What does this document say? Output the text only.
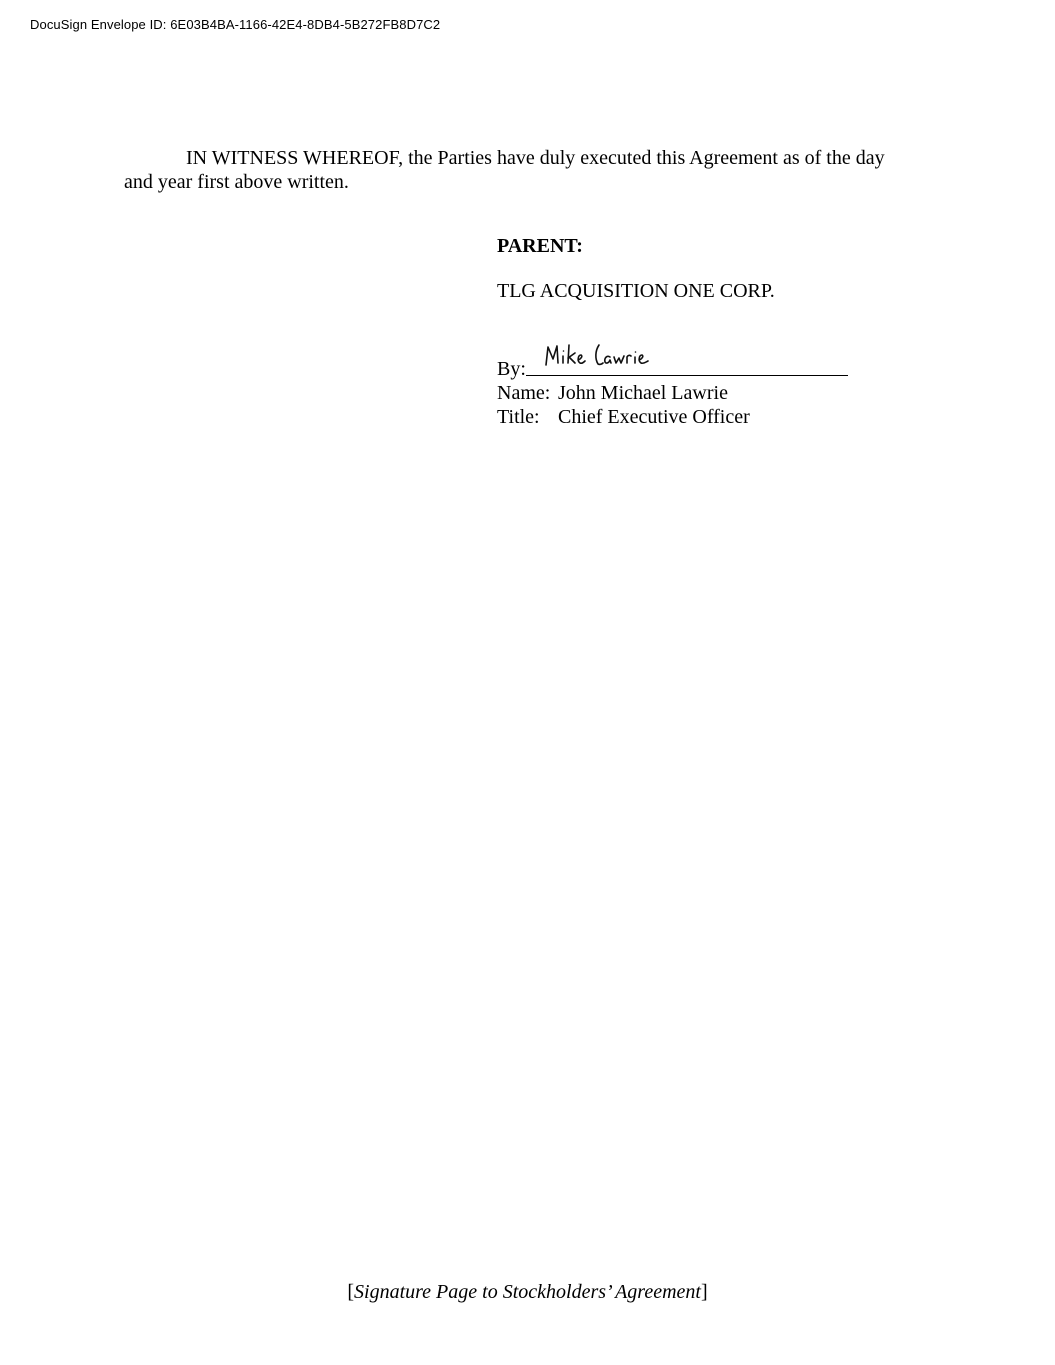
DocuSign Envelope ID: 6E03B4BA-1166-42E4-8DB4-5B272FB8D7C2
IN WITNESS WHEREOF, the Parties have duly executed this Agreement as of the day
and year first above written.
PARENT:
TLG ACQUISITION ONE CORP.
By:
Name: John Michael Lawrie
Title: Chief Executive Officer
[Signature Page to Stockholders’ Agreement]
